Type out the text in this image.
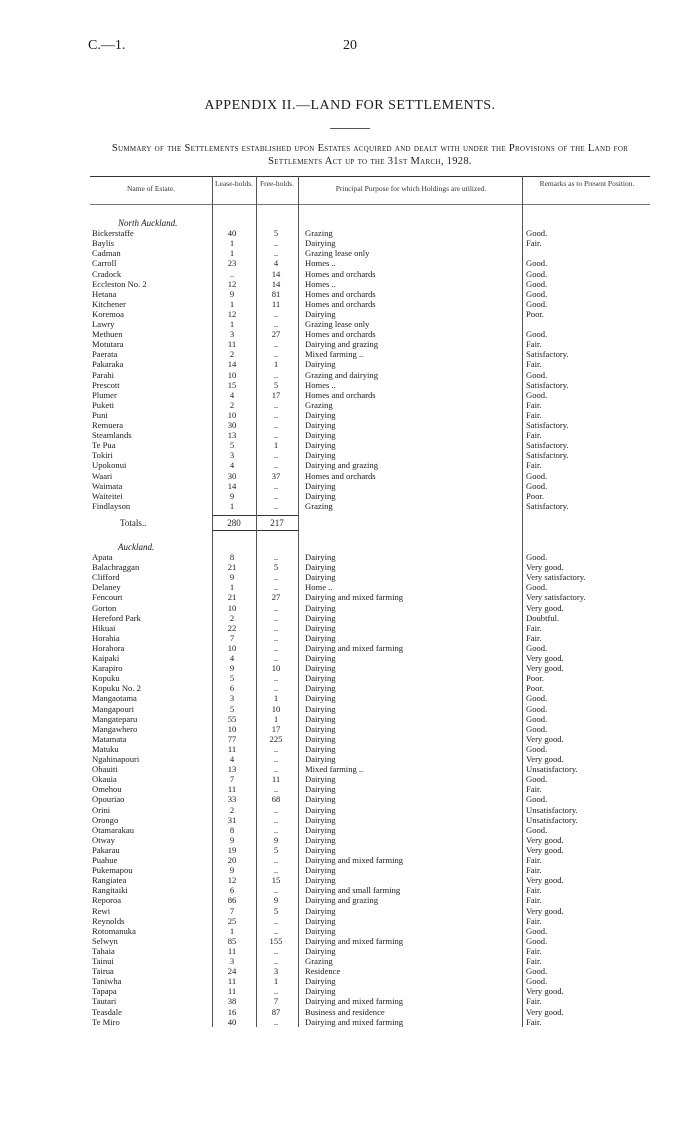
C.—1.	20
APPENDIX II.—LAND FOR SETTLEMENTS.
Summary of the Settlements established upon Estates acquired and dealt with under the Provisions of the Land for Settlements Act up to the 31st March, 1928.
Name of Estate.
Lease-holds. Free-holds.
Principal Purpose for which Holdings are utilized.
Remarks as to Present Position.
North Auckland.
Bickerstaffe	40	5	Grazing	Good.
Baylis	1	..	Dairying	Fair.
Cadman	1	..	Grazing lease only
Carroll	23	4	Homes ..	Good.
Cradock	..	14	Homes and orchards	Good.
Eccleston No. 2	12	14	Homes ..	Good.
Hetana	9	81	Homes and orchards	Good.
Kitchener	1	11	Homes and orchards	Good.
Koremoa	12	..	Dairying	Poor.
Lawry	1	..	Grazing lease only
Methuen	3	27	Homes and orchards	Good.
Motutara	11	..	Dairying and grazing	Fair.
Paerata	2	..	Mixed farming ..	Satisfactory.
Pakaraka	14	1	Dairying	Fair.
Parahi	10	..	Grazing and dairying	Good.
Prescott	15	5	Homes ..	Satisfactory.
Plumer	4	17	Homes and orchards	Good.
Puketi	2	..	Grazing	Fair.
Puni	10	..	Dairying	Fair.
Remuera	30	..	Dairying	Satisfactory.
Steamlands	13	..	Dairying	Fair.
Te Pua	5	1	Dairying	Satisfactory.
Tokiri	3	..	Dairying	Satisfactory.
Upokonui	4	..	Dairying and grazing	Fair.
Waari	30	37	Homes and orchards	Good.
Waimata	14	..	Dairying	Good.
Waiteitei	9	..	Dairying	Poor.
Findlayson	1	..	Grazing	Satisfactory.
Totals..	280	217
Auckland.
Apata	8	..	Dairying	Good.
Balachraggan	21	5	Dairying	Very good.
Clifford	9	..	Dairying	Very satisfactory.
Delaney	1	..	Home ..	Good.
Fencourt	21	27	Dairying and mixed farming	Very satisfactory.
Gorton	10	..	Dairying	Very good.
Hereford Park	2	..	Dairying	Doubtful.
Hikuai	22	..	Dairying	Fair.
Horahia	7	..	Dairying	Fair.
Horahora	10	..	Dairying and mixed farming	Good.
Kaipaki	4	..	Dairying	Very good.
Karapiro	9	10	Dairying	Very good.
Kopuku	5	..	Dairying	Poor.
Kopuku No. 2	6	..	Dairying	Poor.
Mangaotama	3	1	Dairying	Good.
Mangapouri	5	10	Dairying	Good.
Mangateparu	55	1	Dairying	Good.
Mangawhero	10	17	Dairying	Good.
Matamata	77	225	Dairying	Very good.
Matuku	11	..	Dairying	Good.
Ngahinapouri	4	..	Dairying	Very good.
Ohauiti	13	..	Mixed farming ..	Unsatisfactory.
Okauia	7	11	Dairying	Good.
Omehou	11	..	Dairying	Fair.
Opouriao	33	68	Dairying	Good.
Orini	2	..	Dairying	Unsatisfactory.
Orongo	31	..	Dairying	Unsatisfactory.
Otamarakau	8	..	Dairying	Good.
Otway	9	9	Dairying	Very good.
Pakarau	19	5	Dairying	Very good.
Puahue	20	..	Dairying and mixed farming	Fair.
Pukemapou	9	..	Dairying	Fair.
Rangiatea	12	15	Dairying	Very good.
Rangitaiki	6	..	Dairying and small farming	Fair.
Reporoa	86	9	Dairying and grazing	Fair.
Rewi	7	5	Dairying	Very good.
Reynolds	25	..	Dairying	Fair.
Rotomanuka	1	..	Dairying	Good.
Selwyn	85	155	Dairying and mixed farming	Good.
Tahaia	11	..	Dairying	Fair.
Tainui	3	..	Grazing	Fair.
Tairua	24	3	Residence	Good.
Taniwha	11	1	Dairying	Good.
Tapapa	11	..	Dairying	Very good.
Tautari	38	7	Dairying and mixed farming	Fair.
Teasdale	16	87	Business and residence	Very good.
Te Miro	40	..	Dairying and mixed farming	Fair.
